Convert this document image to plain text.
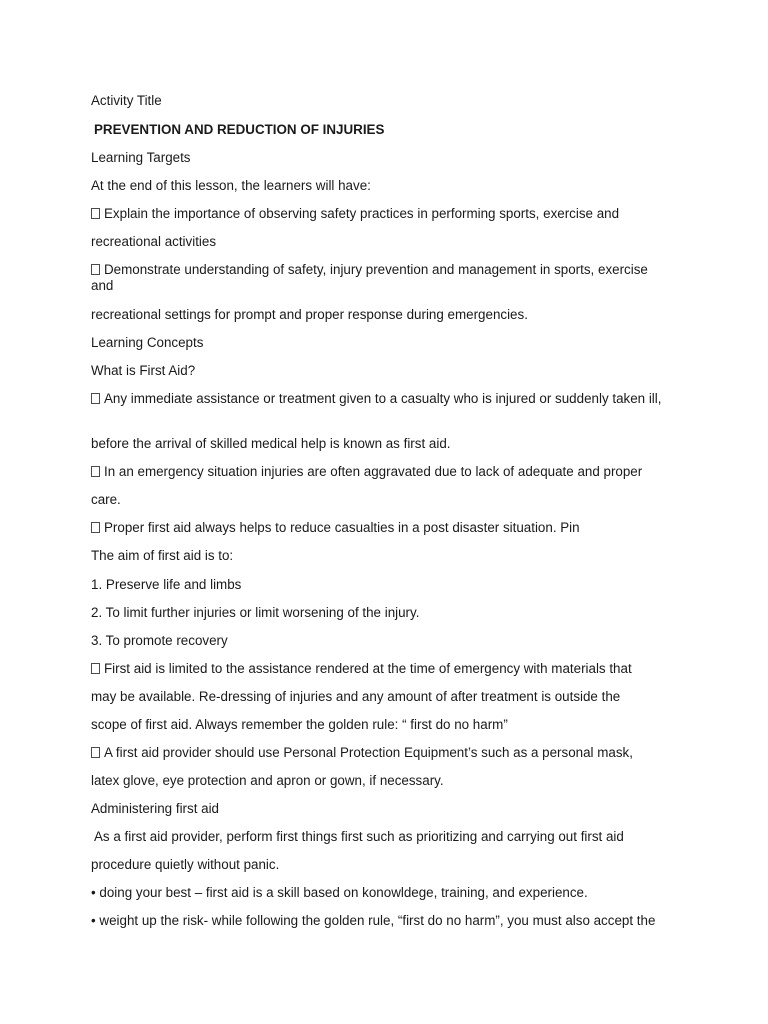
Activity Title

PREVENTION AND REDUCTION OF INJURIES

Learning Targets

At the end of this lesson, the learners will have:

Explain the importance of observing safety practices in performing sports, exercise and

recreational activities

Demonstrate understanding of safety, injury prevention and management in sports, exercise and

recreational settings for prompt and proper response during emergencies.

Learning Concepts

What is First Aid?

Any immediate assistance or treatment given to a casualty who is injured or suddenly taken ill,

before the arrival of skilled medical help is known as first aid.

In an emergency situation injuries are often aggravated due to lack of adequate and proper

care.

Proper first aid always helps to reduce casualties in a post disaster situation. Pin

The aim of first aid is to:

1. Preserve life and limbs

2. To limit further injuries or limit worsening of the injury.

3. To promote recovery

First aid is limited to the assistance rendered at the time of emergency with materials that

may be available. Re-dressing of injuries and any amount of after treatment is outside the

scope of first aid. Always remember the golden rule: “ first do no harm”

A first aid provider should use Personal Protection Equipment’s such as a personal mask,

latex glove, eye protection and apron or gown, if necessary.

Administering first aid

As a first aid provider, perform first things first such as prioritizing and carrying out first aid

procedure quietly without panic.

• doing your best – first aid is a skill based on konowldege, training, and experience.

• weight up the risk- while following the golden rule, “first do no harm”, you must also accept the
